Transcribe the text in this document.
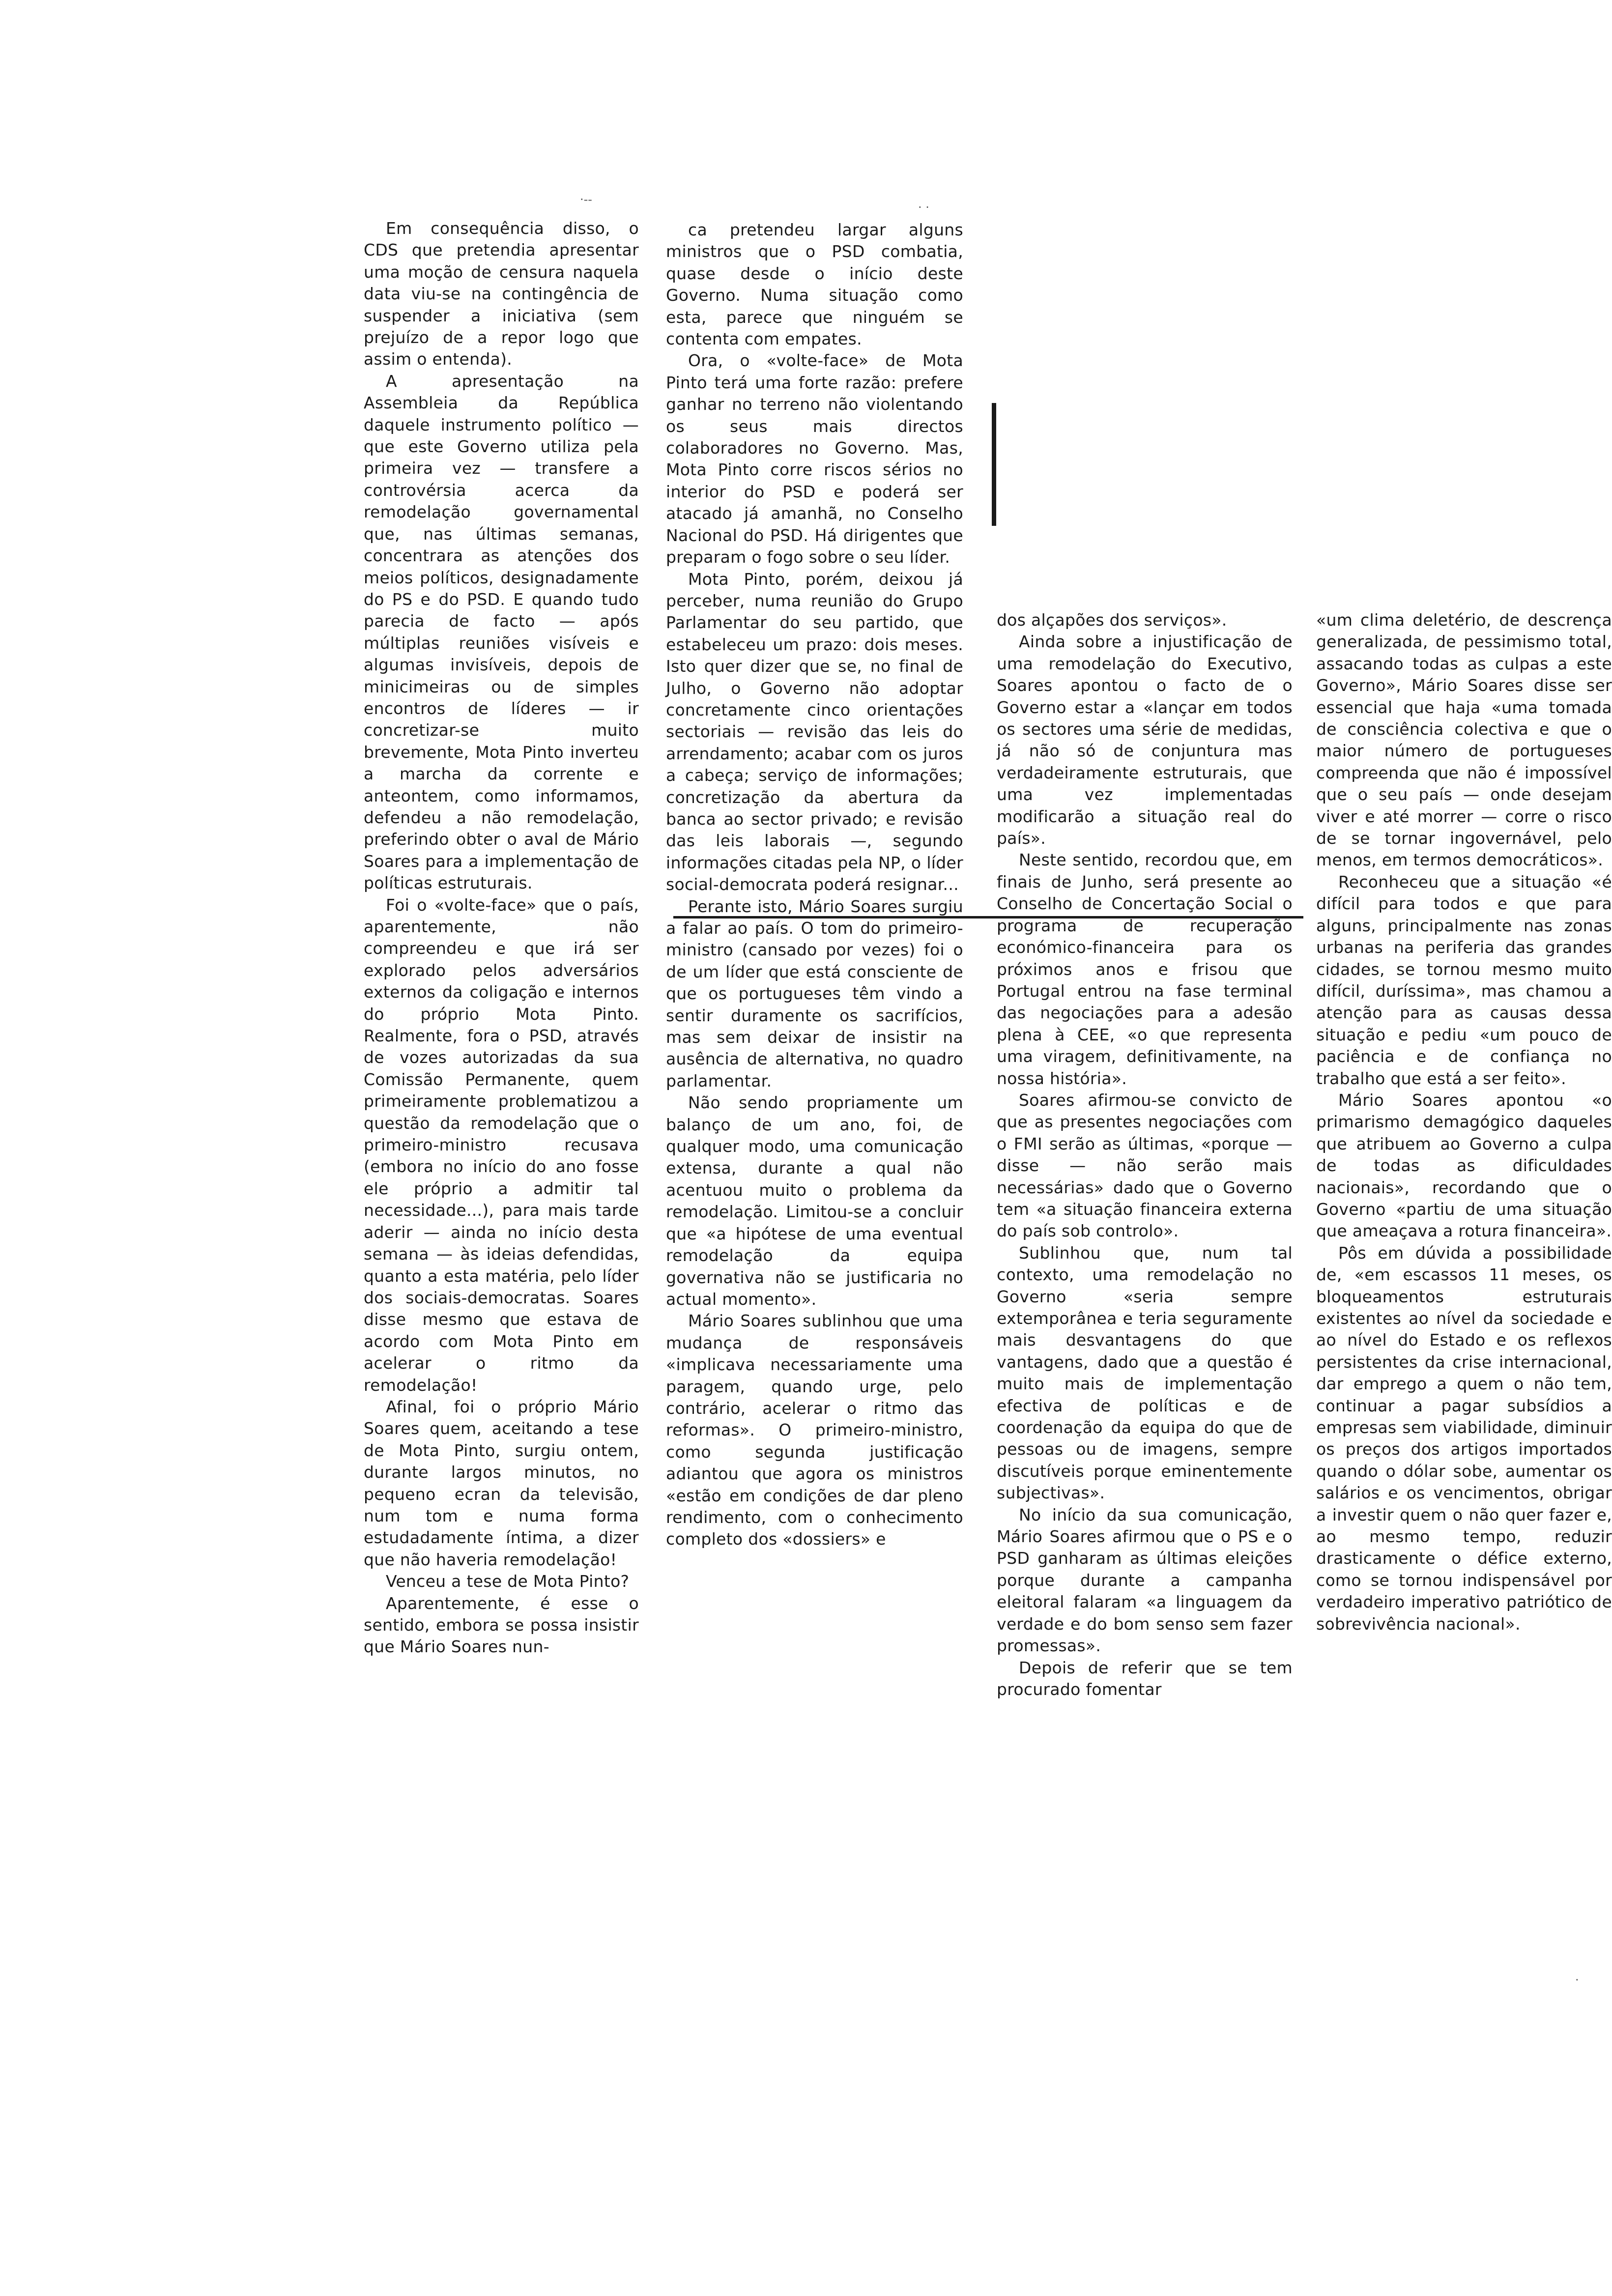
·-‐
· ·
·

Em consequência disso, o CDS que pretendia apresentar uma moção de censura naquela data viu-se na contingência de suspender a iniciativa (sem prejuízo de a repor logo que assim o entenda).

A apresentação na Assembleia da República daquele instrumento político — que este Governo utiliza pela primeira vez — transfere a controvérsia acerca da remodelação governamental que, nas últimas semanas, concentrara as atenções dos meios políticos, designadamente do PS e do PSD. E quando tudo parecia de facto — após múltiplas reuniões visíveis e algumas invisíveis, depois de minicimeiras ou de simples encontros de líderes — ir concretizar-se muito brevemente, Mota Pinto inverteu a marcha da corrente e anteontem, como informamos, defendeu a não remodelação, preferindo obter o aval de Mário Soares para a implementação de políticas estruturais.

Foi o «volte-face» que o país, aparentemente, não compreendeu e que irá ser explorado pelos adversários externos da coligação e internos do próprio Mota Pinto. Realmente, fora o PSD, através de vozes autorizadas da sua Comissão Permanente, quem primeiramente problematizou a questão da remodelação que o primeiro-ministro recusava (embora no início do ano fosse ele próprio a admitir tal necessidade...), para mais tarde aderir — ainda no início desta semana — às ideias defendidas, quanto a esta matéria, pelo líder dos sociais-democratas. Soares disse mesmo que estava de acordo com Mota Pinto em acelerar o ritmo da remodelação!

Afinal, foi o próprio Mário Soares quem, aceitando a tese de Mota Pinto, surgiu ontem, durante largos minutos, no pequeno ecran da televisão, num tom e numa forma estudadamente íntima, a dizer que não haveria remodelação!

Venceu a tese de Mota Pinto?

Aparentemente, é esse o sentido, embora se possa insistir que Mário Soares nun-

ca pretendeu largar alguns ministros que o PSD combatia, quase desde o início deste Governo. Numa situação como esta, parece que ninguém se contenta com empates.

Ora, o «volte-face» de Mota Pinto terá uma forte razão: prefere ganhar no terreno não violentando os seus mais directos colaboradores no Governo. Mas, Mota Pinto corre riscos sérios no interior do PSD e poderá ser atacado já amanhã, no Conselho Nacional do PSD. Há dirigentes que preparam o fogo sobre o seu líder.

Mota Pinto, porém, deixou já perceber, numa reunião do Grupo Parlamentar do seu partido, que estabeleceu um prazo: dois meses. Isto quer dizer que se, no final de Julho, o Governo não adoptar concretamente cinco orientações sectoriais — revisão das leis do arrendamento; acabar com os juros a cabeça; serviço de informações; concretização da abertura da banca ao sector privado; e revisão das leis laborais —, segundo informações citadas pela NP, o líder social-democrata poderá resignar...

Perante isto, Mário Soares surgiu a falar ao país. O tom do primeiro-ministro (cansado por vezes) foi o de um líder que está consciente de que os portugueses têm vindo a sentir duramente os sacrifícios, mas sem deixar de insistir na ausência de alternativa, no quadro parlamentar.

Não sendo propriamente um balanço de um ano, foi, de qualquer modo, uma comunicação extensa, durante a qual não acentuou muito o problema da remodelação. Limitou-se a concluir que «a hipótese de uma eventual remodelação da equipa governativa não se justificaria no actual momento».

Mário Soares sublinhou que uma mudança de responsáveis «implicava necessariamente uma paragem, quando urge, pelo contrário, acelerar o ritmo das reformas». O primeiro-ministro, como segunda justificação adiantou que agora os ministros «estão em condições de dar pleno rendimento, com o conhecimento completo dos «dossiers» e

dos alçapões dos serviços».

Ainda sobre a injustificação de uma remodelação do Executivo, Soares apontou o facto de o Governo estar a «lançar em todos os sectores uma série de medidas, já não só de conjuntura mas verdadeiramente estruturais, que uma vez implementadas modificarão a situação real do país».

Neste sentido, recordou que, em finais de Junho, será presente ao Conselho de Concertação Social o programa de recuperação económico-financeira para os próximos anos e frisou que Portugal entrou na fase terminal das negociações para a adesão plena à CEE, «o que representa uma viragem, definitivamente, na nossa história».

Soares afirmou-se convicto de que as presentes negociações com o FMI serão as últimas, «porque — disse — não serão mais necessárias» dado que o Governo tem «a situação financeira externa do país sob controlo».

Sublinhou que, num tal contexto, uma remodelação no Governo «seria sempre extemporânea e teria seguramente mais desvantagens do que vantagens, dado que a questão é muito mais de implementação efectiva de políticas e de coordenação da equipa do que de pessoas ou de imagens, sempre discutíveis porque eminentemente subjectivas».

No início da sua comunicação, Mário Soares afirmou que o PS e o PSD ganharam as últimas eleições porque durante a campanha eleitoral falaram «a linguagem da verdade e do bom senso sem fazer promessas».

Depois de referir que se tem procurado fomentar

«um clima deletério, de descrença generalizada, de pessimismo total, assacando todas as culpas a este Governo», Mário Soares disse ser essencial que haja «uma tomada de consciência colectiva e que o maior número de portugueses compreenda que não é impossível que o seu país — onde desejam viver e até morrer — corre o risco de se tornar ingovernável, pelo menos, em termos democráticos».

Reconheceu que a situação «é difícil para todos e que para alguns, principalmente nas zonas urbanas na periferia das grandes cidades, se tornou mesmo muito difícil, duríssima», mas chamou a atenção para as causas dessa situação e pediu «um pouco de paciência e de confiança no trabalho que está a ser feito».

Mário Soares apontou «o primarismo demagógico daqueles que atribuem ao Governo a culpa de todas as dificuldades nacionais», recordando que o Governo «partiu de uma situação que ameaçava a rotura financeira».

Pôs em dúvida a possibilidade de, «em escassos 11 meses, os bloqueamentos estruturais existentes ao nível da sociedade e ao nível do Estado e os reflexos persistentes da crise internacional, dar emprego a quem o não tem, continuar a pagar subsídios a empresas sem viabilidade, diminuir os preços dos artigos importados quando o dólar sobe, aumentar os salários e os vencimentos, obrigar a investir quem o não quer fazer e, ao mesmo tempo, reduzir drasticamente o défice externo, como se tornou indispensável por verdadeiro imperativo patriótico de sobrevivência nacional».
